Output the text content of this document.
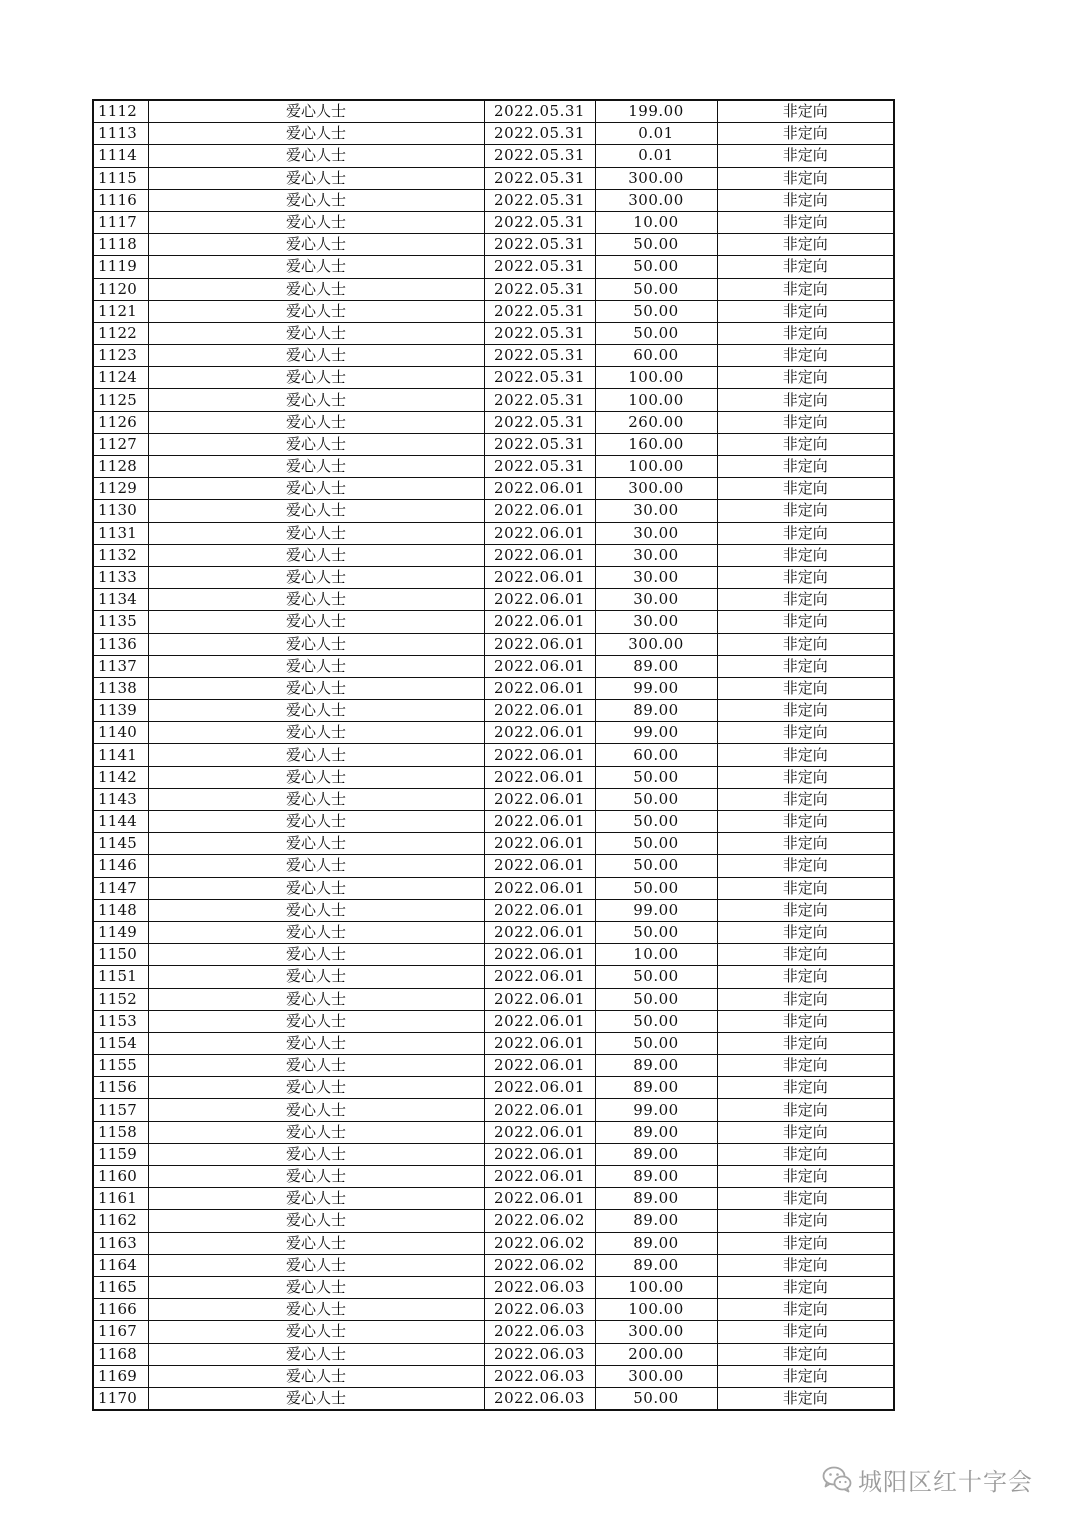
1112	爱心人士	2022.05.31	199.00	非定向
1113	爱心人士	2022.05.31	0.01	非定向
1114	爱心人士	2022.05.31	0.01	非定向
1115	爱心人士	2022.05.31	300.00	非定向
1116	爱心人士	2022.05.31	300.00	非定向
1117	爱心人士	2022.05.31	10.00	非定向
1118	爱心人士	2022.05.31	50.00	非定向
1119	爱心人士	2022.05.31	50.00	非定向
1120	爱心人士	2022.05.31	50.00	非定向
1121	爱心人士	2022.05.31	50.00	非定向
1122	爱心人士	2022.05.31	50.00	非定向
1123	爱心人士	2022.05.31	60.00	非定向
1124	爱心人士	2022.05.31	100.00	非定向
1125	爱心人士	2022.05.31	100.00	非定向
1126	爱心人士	2022.05.31	260.00	非定向
1127	爱心人士	2022.05.31	160.00	非定向
1128	爱心人士	2022.05.31	100.00	非定向
1129	爱心人士	2022.06.01	300.00	非定向
1130	爱心人士	2022.06.01	30.00	非定向
1131	爱心人士	2022.06.01	30.00	非定向
1132	爱心人士	2022.06.01	30.00	非定向
1133	爱心人士	2022.06.01	30.00	非定向
1134	爱心人士	2022.06.01	30.00	非定向
1135	爱心人士	2022.06.01	30.00	非定向
1136	爱心人士	2022.06.01	300.00	非定向
1137	爱心人士	2022.06.01	89.00	非定向
1138	爱心人士	2022.06.01	99.00	非定向
1139	爱心人士	2022.06.01	89.00	非定向
1140	爱心人士	2022.06.01	99.00	非定向
1141	爱心人士	2022.06.01	60.00	非定向
1142	爱心人士	2022.06.01	50.00	非定向
1143	爱心人士	2022.06.01	50.00	非定向
1144	爱心人士	2022.06.01	50.00	非定向
1145	爱心人士	2022.06.01	50.00	非定向
1146	爱心人士	2022.06.01	50.00	非定向
1147	爱心人士	2022.06.01	50.00	非定向
1148	爱心人士	2022.06.01	99.00	非定向
1149	爱心人士	2022.06.01	50.00	非定向
1150	爱心人士	2022.06.01	10.00	非定向
1151	爱心人士	2022.06.01	50.00	非定向
1152	爱心人士	2022.06.01	50.00	非定向
1153	爱心人士	2022.06.01	50.00	非定向
1154	爱心人士	2022.06.01	50.00	非定向
1155	爱心人士	2022.06.01	89.00	非定向
1156	爱心人士	2022.06.01	89.00	非定向
1157	爱心人士	2022.06.01	99.00	非定向
1158	爱心人士	2022.06.01	89.00	非定向
1159	爱心人士	2022.06.01	89.00	非定向
1160	爱心人士	2022.06.01	89.00	非定向
1161	爱心人士	2022.06.01	89.00	非定向
1162	爱心人士	2022.06.02	89.00	非定向
1163	爱心人士	2022.06.02	89.00	非定向
1164	爱心人士	2022.06.02	89.00	非定向
1165	爱心人士	2022.06.03	100.00	非定向
1166	爱心人士	2022.06.03	100.00	非定向
1167	爱心人士	2022.06.03	300.00	非定向
1168	爱心人士	2022.06.03	200.00	非定向
1169	爱心人士	2022.06.03	300.00	非定向
1170	爱心人士	2022.06.03	50.00	非定向
城阳区红十字会
